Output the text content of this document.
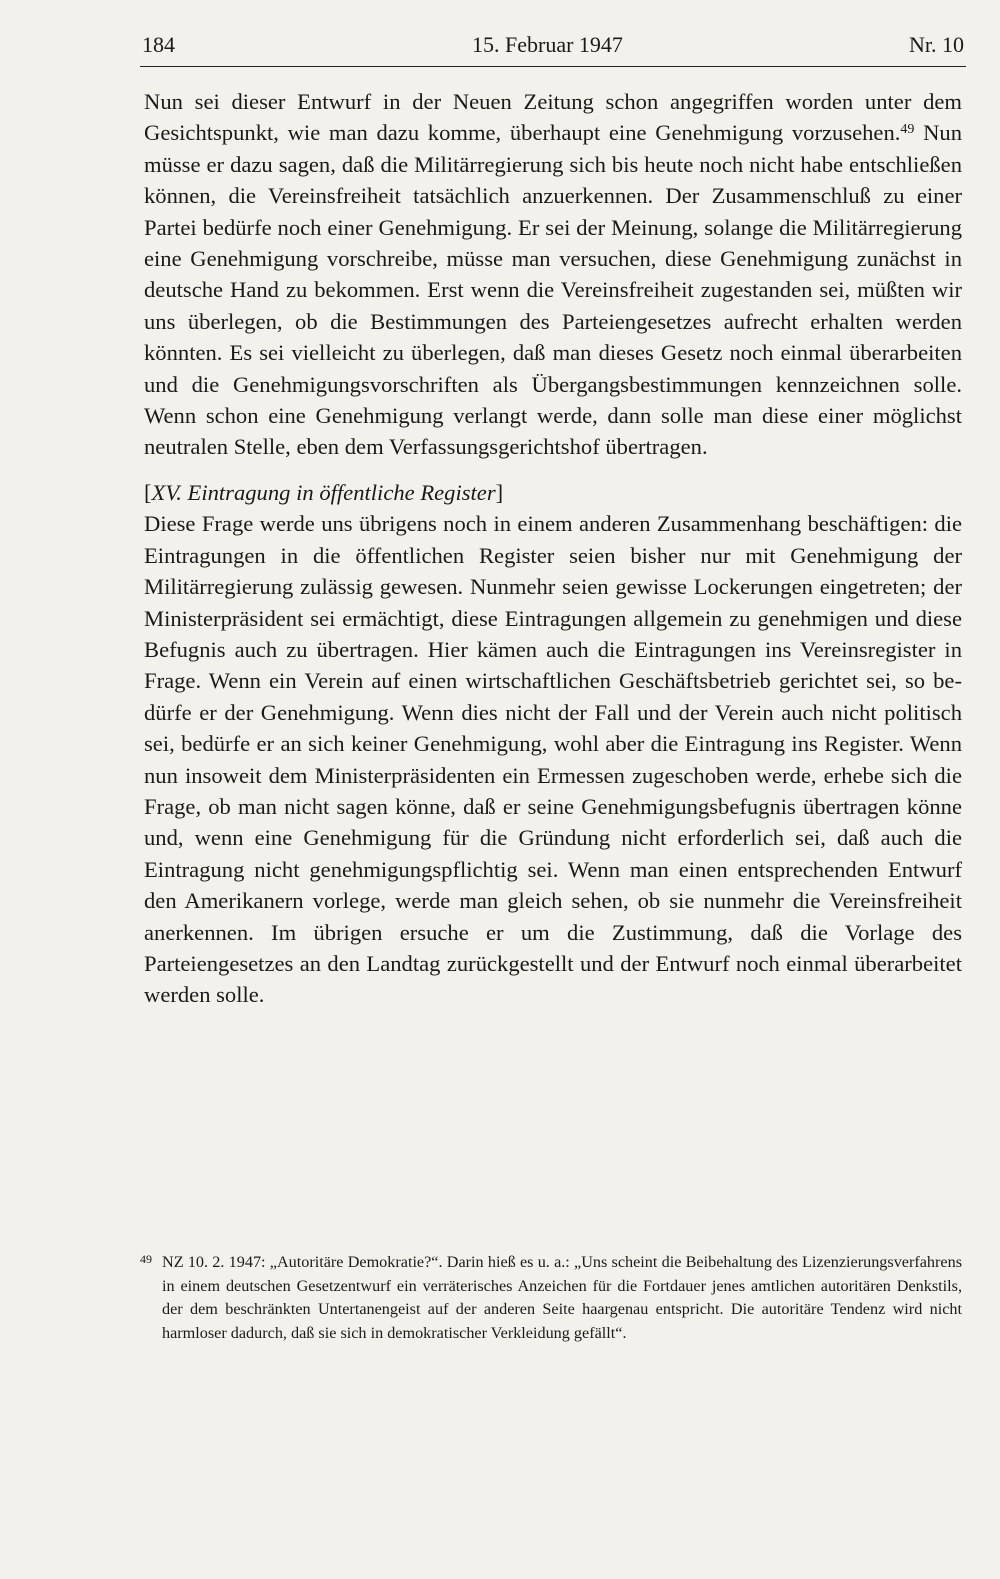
184	15. Februar 1947	Nr. 10

Nun sei dieser Entwurf in der Neuen Zeitung schon angegriffen worden unter dem Gesichtspunkt, wie man dazu komme, überhaupt eine Genehmigung vorzusehen.$^{49}$ Nun müsse er dazu sagen, daß die Militärregierung sich bis heute noch nicht habe entschließen können, die Vereinsfreiheit tatsächlich anzuerkennen. Der Zusammenschluß zu einer Partei bedürfe noch einer Genehmigung. Er sei der Meinung, solange die Militärregierung eine Genehmigung vorschreibe, müsse man versuchen, diese Genehmigung zunächst in deutsche Hand zu bekommen. Erst wenn die Vereinsfreiheit zugestanden sei, müßten wir uns überlegen, ob die Bestimmungen des Parteiengesetzes aufrecht erhalten werden könnten. Es sei vielleicht zu überlegen, daß man dieses Gesetz noch einmal überarbeiten und die Genehmigungsvorschriften als Übergangsbestimmungen kennzeichnen solle. Wenn schon eine Genehmigung verlangt werde, dann solle man diese einer möglichst neutralen Stelle, eben dem Verfassungsgerichtshof übertragen.

[XV. Eintragung in öffentliche Register]

Diese Frage werde uns übrigens noch in einem anderen Zusammenhang beschäftigen: die Eintragungen in die öffentlichen Register seien bisher nur mit Genehmigung der Militärregierung zulässig gewesen. Nunmehr seien gewisse Lockerungen eingetreten; der Ministerpräsident sei ermächtigt, diese Eintragungen allgemein zu genehmigen und diese Befugnis auch zu übertragen. Hier kämen auch die Eintragungen ins Vereinsregister in Frage. Wenn ein Verein auf einen wirtschaftlichen Geschäftsbetrieb gerichtet sei, so bedürfe er der Genehmigung. Wenn dies nicht der Fall und der Verein auch nicht politisch sei, bedürfe er an sich keiner Genehmigung, wohl aber die Eintragung ins Register. Wenn nun insoweit dem Ministerpräsidenten ein Ermessen zugeschoben werde, erhebe sich die Frage, ob man nicht sagen könne, daß er seine Genehmigungsbefugnis übertragen könne und, wenn eine Genehmigung für die Gründung nicht erforderlich sei, daß auch die Eintragung nicht genehmigungspflichtig sei. Wenn man einen entsprechenden Entwurf den Amerikanern vorlege, werde man gleich sehen, ob sie nunmehr die Vereinsfreiheit anerkennen. Im übrigen ersuche er um die Zustimmung, daß die Vorlage des Parteiengesetzes an den Landtag zurückgestellt und der Entwurf noch einmal überarbeitet werden solle.

49 NZ 10. 2. 1947: „Autoritäre Demokratie?“. Darin hieß es u. a.: „Uns scheint die Beibehaltung des Lizenzierungsverfahrens in einem deutschen Gesetzentwurf ein verräterisches Anzeichen für die Fortdauer jenes amtlichen autoritären Denkstils, der dem beschränkten Untertanengeist auf der anderen Seite haargenau entspricht. Die autoritäre Tendenz wird nicht harmloser dadurch, daß sie sich in demokratischer Verkleidung gefällt“.
